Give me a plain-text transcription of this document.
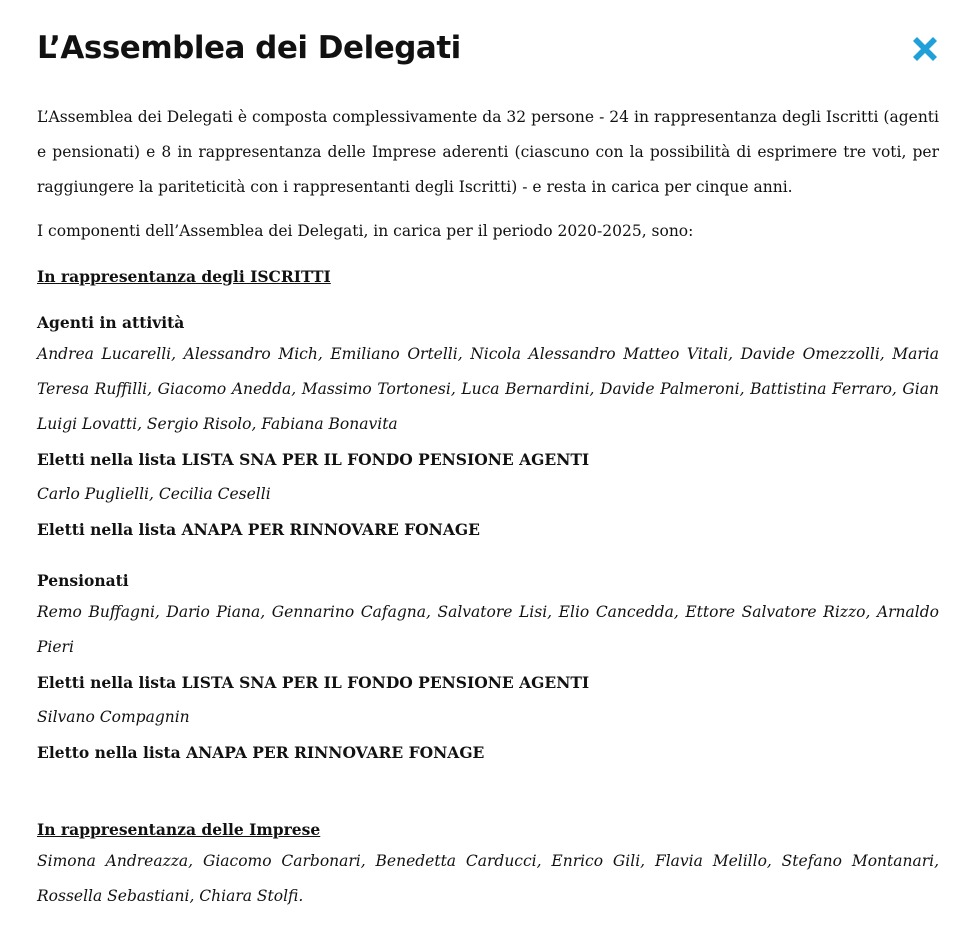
L’Assemblea dei Delegati

L’Assemblea dei Delegati è composta complessivamente da 32 persone - 24 in rappresentanza degli Iscritti (agenti e pensionati) e 8 in rappresentanza delle Imprese aderenti (ciascuno con la possibilità di esprimere tre voti, per raggiungere la pariteticità con i rappresentanti degli Iscritti) - e resta in carica per cinque anni.

I componenti dell’Assemblea dei Delegati, in carica per il periodo 2020-2025, sono:

In rappresentanza degli ISCRITTI

Agenti in attività

Andrea Lucarelli, Alessandro Mich, Emiliano Ortelli, Nicola Alessandro Matteo Vitali, Davide Omezzolli, Maria Teresa Ruffilli, Giacomo Anedda, Massimo Tortonesi, Luca Bernardini, Davide Palmeroni, Battistina Ferraro, Gian Luigi Lovatti, Sergio Risolo, Fabiana Bonavita

Eletti nella lista LISTA SNA PER IL FONDO PENSIONE AGENTI

Carlo Puglielli, Cecilia Ceselli

Eletti nella lista ANAPA PER RINNOVARE FONAGE

Pensionati

Remo Buffagni, Dario Piana, Gennarino Cafagna, Salvatore Lisi, Elio Cancedda, Ettore Salvatore Rizzo, Arnaldo Pieri

Eletti nella lista LISTA SNA PER IL FONDO PENSIONE AGENTI

Silvano Compagnin

Eletto nella lista ANAPA PER RINNOVARE FONAGE

In rappresentanza delle Imprese

Simona Andreazza, Giacomo Carbonari, Benedetta Carducci, Enrico Gili, Flavia Melillo, Stefano Montanari, Rossella Sebastiani, Chiara Stolfi.
